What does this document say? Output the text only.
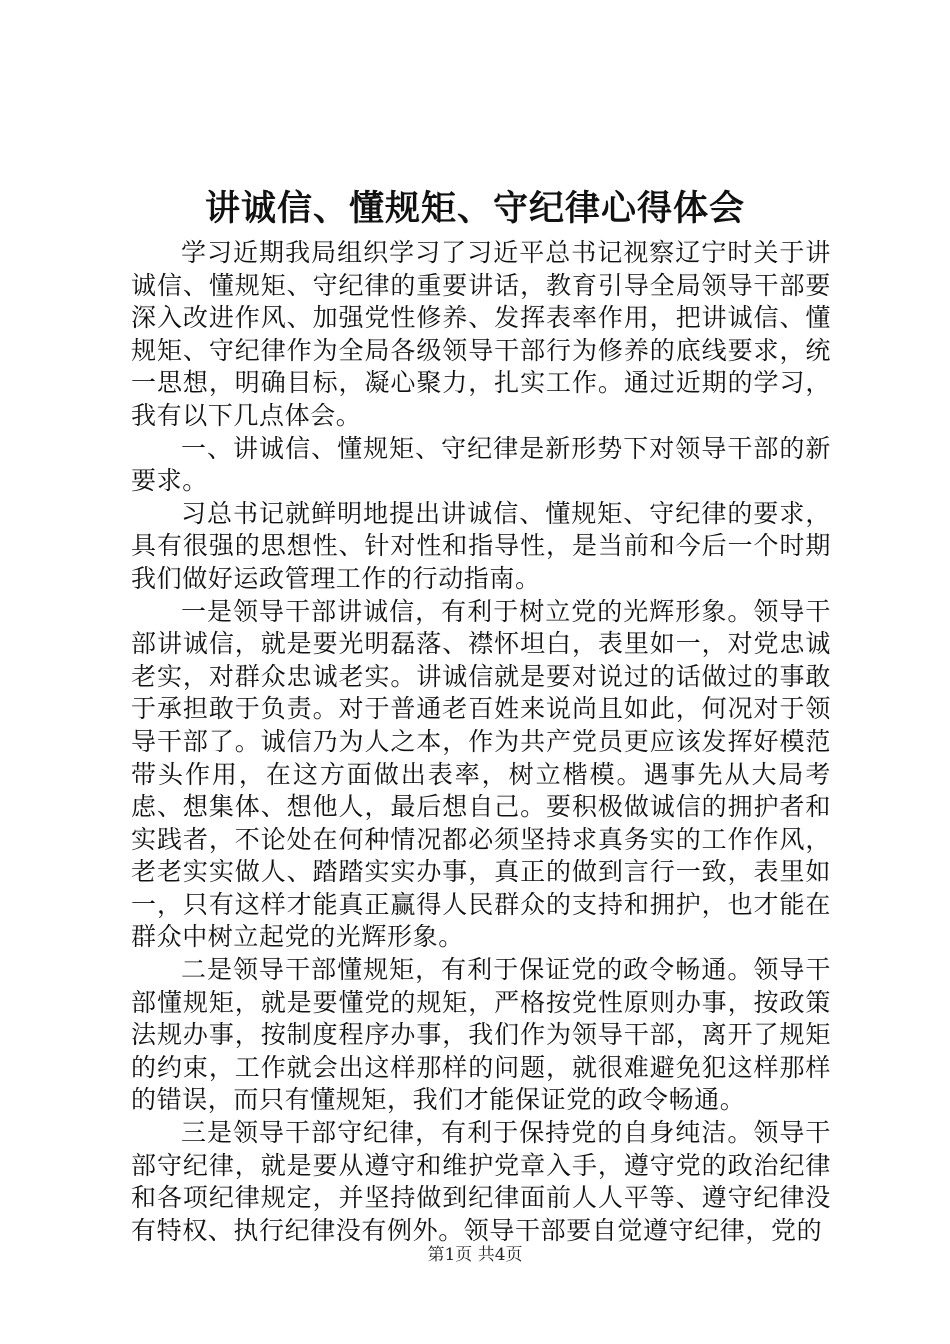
讲诚信、懂规矩、守纪律心得体会

学习近期我局组织学习了习近平总书记视察辽宁时关于讲诚信、懂规矩、守纪律的重要讲话，教育引导全局领导干部要深入改进作风、加强党性修养、发挥表率作用，把讲诚信、懂规矩、守纪律作为全局各级领导干部行为修养的底线要求，统一思想，明确目标，凝心聚力，扎实工作。通过近期的学习，我有以下几点体会。

一、讲诚信、懂规矩、守纪律是新形势下对领导干部的新要求。

习总书记就鲜明地提出讲诚信、懂规矩、守纪律的要求，具有很强的思想性、针对性和指导性，是当前和今后一个时期我们做好运政管理工作的行动指南。

一是领导干部讲诚信，有利于树立党的光辉形象。领导干部讲诚信，就是要光明磊落、襟怀坦白，表里如一，对党忠诚老实，对群众忠诚老实。讲诚信就是要对说过的话做过的事敢于承担敢于负责。对于普通老百姓来说尚且如此，何况对于领导干部了。诚信乃为人之本，作为共产党员更应该发挥好模范带头作用，在这方面做出表率，树立楷模。遇事先从大局考虑、想集体、想他人，最后想自己。要积极做诚信的拥护者和实践者，不论处在何种情况都必须坚持求真务实的工作作风，老老实实做人、踏踏实实办事，真正的做到言行一致，表里如一，只有这样才能真正赢得人民群众的支持和拥护，也才能在群众中树立起党的光辉形象。

二是领导干部懂规矩，有利于保证党的政令畅通。领导干部懂规矩，就是要懂党的规矩，严格按党性原则办事，按政策法规办事，按制度程序办事，我们作为领导干部，离开了规矩的约束，工作就会出这样那样的问题，就很难避免犯这样那样的错误，而只有懂规矩，我们才能保证党的政令畅通。

三是领导干部守纪律，有利于保持党的自身纯洁。领导干部守纪律，就是要从遵守和维护党章入手，遵守党的政治纪律和各项纪律规定，并坚持做到纪律面前人人平等、遵守纪律没有特权、执行纪律没有例外。领导干部要自觉遵守纪律，党的

第1页 共4页
